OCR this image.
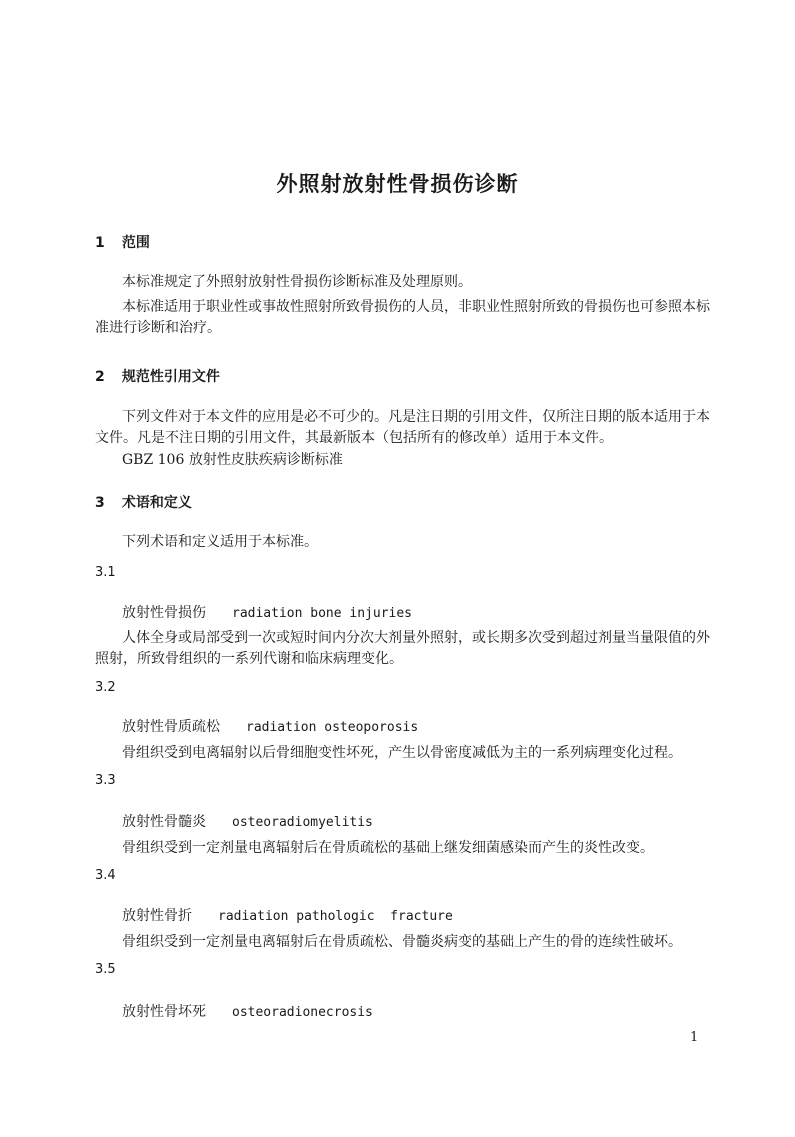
外照射放射性骨损伤诊断
1 范围
本标准规定了外照射放射性骨损伤诊断标准及处理原则。
本标准适用于职业性或事故性照射所致骨损伤的人员，非职业性照射所致的骨损伤也可参照本标准进行诊断和治疗。
2 规范性引用文件
下列文件对于本文件的应用是必不可少的。凡是注日期的引用文件，仅所注日期的版本适用于本文件。凡是不注日期的引用文件，其最新版本（包括所有的修改单）适用于本文件。
GBZ 106 放射性皮肤疾病诊断标准
3 术语和定义
下列术语和定义适用于本标准。
3.1
放射性骨损伤 radiation bone injuries
人体全身或局部受到一次或短时间内分次大剂量外照射，或长期多次受到超过剂量当量限值的外照射，所致骨组织的一系列代谢和临床病理变化。
3.2
放射性骨质疏松 radiation osteoporosis
骨组织受到电离辐射以后骨细胞变性坏死，产生以骨密度减低为主的一系列病理变化过程。
3.3
放射性骨髓炎 osteoradiomyelitis
骨组织受到一定剂量电离辐射后在骨质疏松的基础上继发细菌感染而产生的炎性改变。
3.4
放射性骨折 radiation pathologic  fracture
骨组织受到一定剂量电离辐射后在骨质疏松、骨髓炎病变的基础上产生的骨的连续性破坏。
3.5
放射性骨坏死 osteoradionecrosis
1
